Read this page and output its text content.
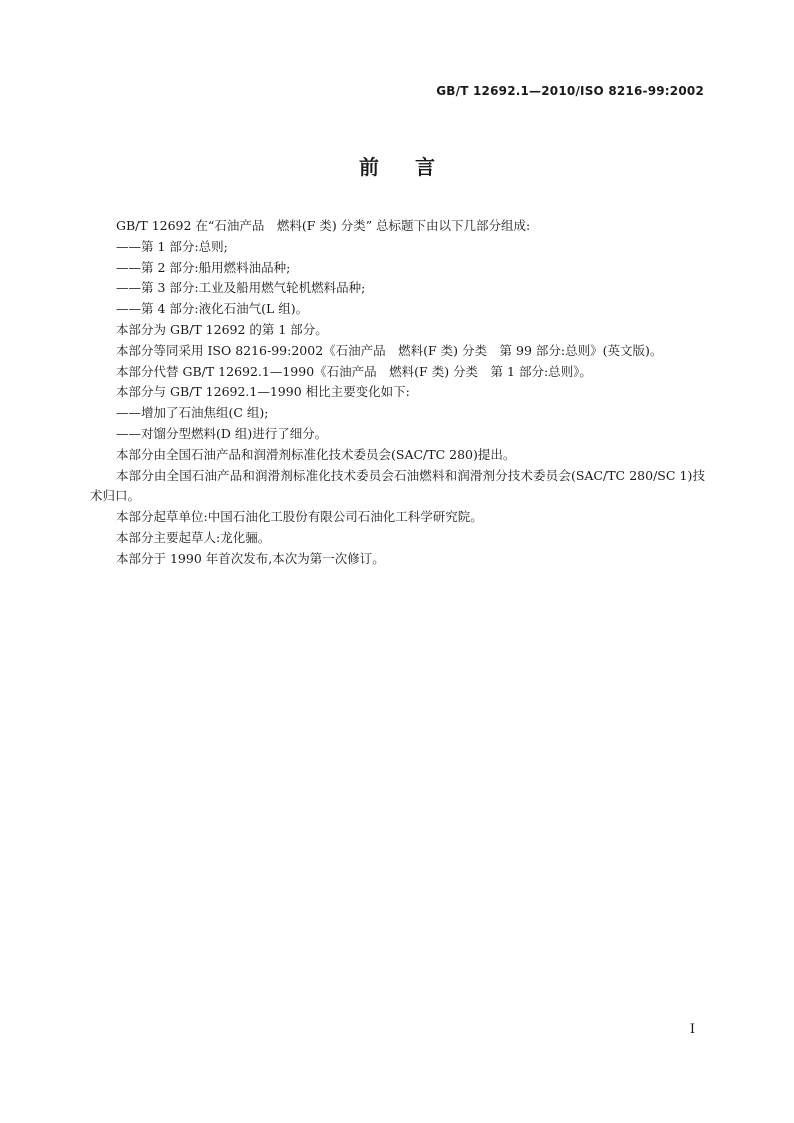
GB/T 12692.1—2010/ISO 8216-99:2002
前言

GB/T 12692 在“石油产品　燃料(F 类) 分类” 总标题下由以下几部分组成:

——第 1 部分:总则;

——第 2 部分:船用燃料油品种;

——第 3 部分:工业及船用燃气轮机燃料品种;

——第 4 部分:液化石油气(L 组)。

本部分为 GB/T 12692 的第 1 部分。

本部分等同采用 ISO 8216-99:2002《石油产品　燃料(F 类) 分类　第 99 部分:总则》(英文版)。

本部分代替 GB/T 12692.1—1990《石油产品　燃料(F 类) 分类　第 1 部分:总则》。

本部分与 GB/T 12692.1—1990 相比主要变化如下:

——增加了石油焦组(C 组);

——对馏分型燃料(D 组)进行了细分。

本部分由全国石油产品和润滑剂标准化技术委员会(SAC/TC 280)提出。

本部分由全国石油产品和润滑剂标准化技术委员会石油燃料和润滑剂分技术委员会(SAC/TC 280/SC 1)技术归口。

本部分起草单位:中国石油化工股份有限公司石油化工科学研究院。

本部分主要起草人:龙化骊。

本部分于 1990 年首次发布,本次为第一次修订。

I
